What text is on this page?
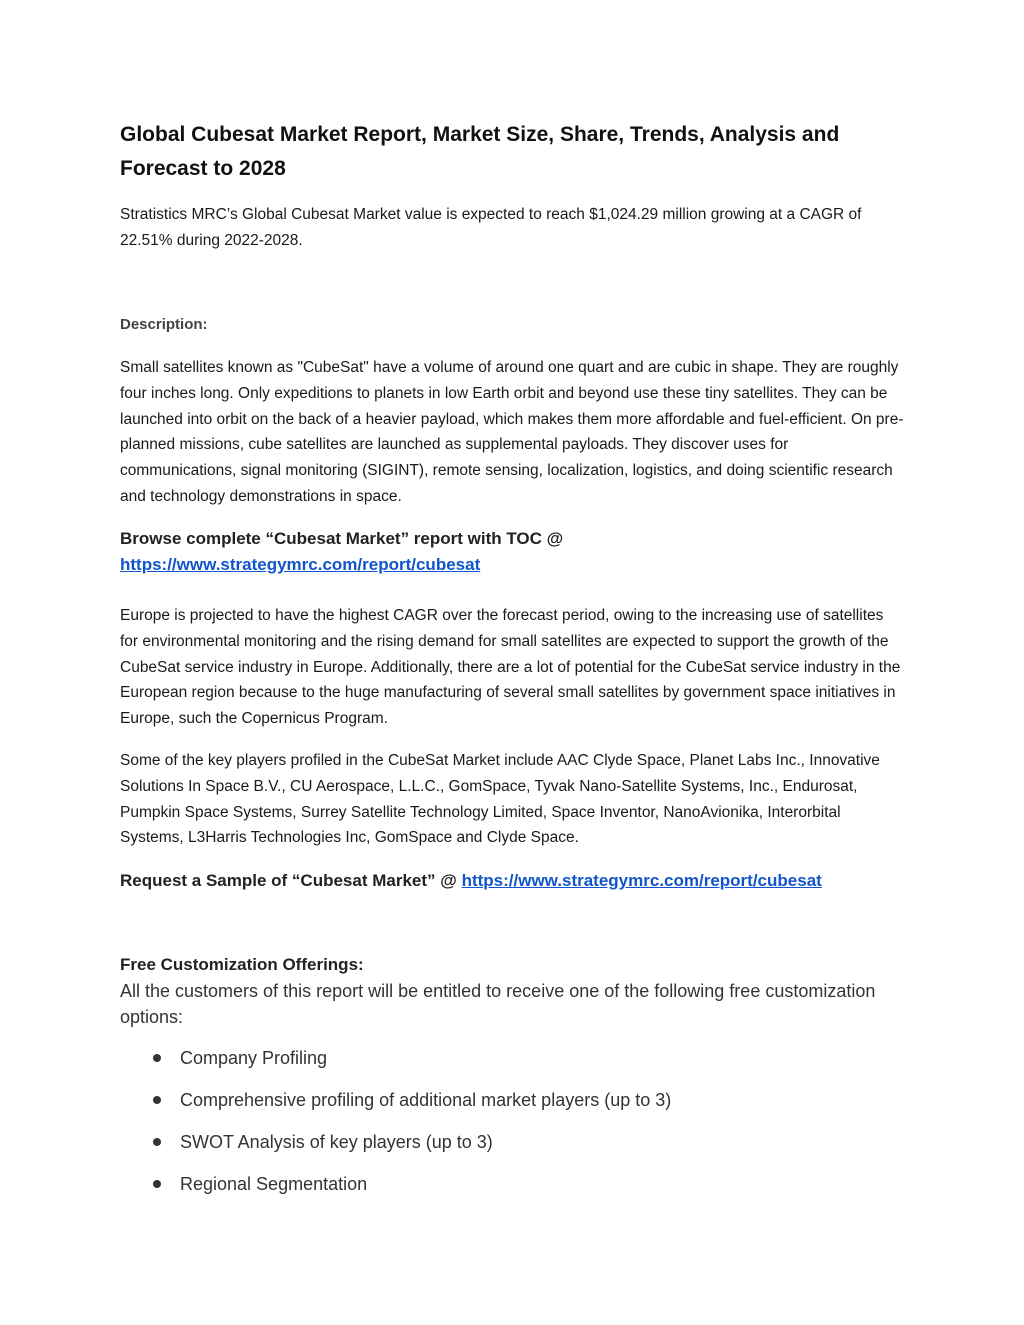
Global Cubesat Market Report, Market Size, Share, Trends, Analysis and Forecast to 2028

Stratistics MRC’s Global Cubesat Market value is expected to reach $1,024.29 million growing at a CAGR of 22.51% during 2022-2028.

Description:

Small satellites known as "CubeSat" have a volume of around one quart and are cubic in shape. They are roughly four inches long. Only expeditions to planets in low Earth orbit and beyond use these tiny satellites. They can be launched into orbit on the back of a heavier payload, which makes them more affordable and fuel-efficient. On pre-planned missions, cube satellites are launched as supplemental payloads. They discover uses for communications, signal monitoring (SIGINT), remote sensing, localization, logistics, and doing scientific research and technology demonstrations in space.

Browse complete “Cubesat Market” report with TOC @
https://www.strategymrc.com/report/cubesat

Europe is projected to have the highest CAGR over the forecast period, owing to the increasing use of satellites for environmental monitoring and the rising demand for small satellites are expected to support the growth of the CubeSat service industry in Europe. Additionally, there are a lot of potential for the CubeSat service industry in the European region because to the huge manufacturing of several small satellites by government space initiatives in Europe, such the Copernicus Program.

Some of the key players profiled in the CubeSat Market include AAC Clyde Space, Planet Labs Inc., Innovative Solutions In Space B.V., CU Aerospace, L.L.C., GomSpace, Tyvak Nano-Satellite Systems, Inc., Endurosat, Pumpkin Space Systems, Surrey Satellite Technology Limited, Space Inventor, NanoAvionika, Interorbital Systems, L3Harris Technologies Inc, GomSpace and Clyde Space.

Request a Sample of “Cubesat Market” @ https://www.strategymrc.com/report/cubesat

Free Customization Offerings:

All the customers of this report will be entitled to receive one of the following free customization options:

Company Profiling
Comprehensive profiling of additional market players (up to 3)
SWOT Analysis of key players (up to 3)
Regional Segmentation
